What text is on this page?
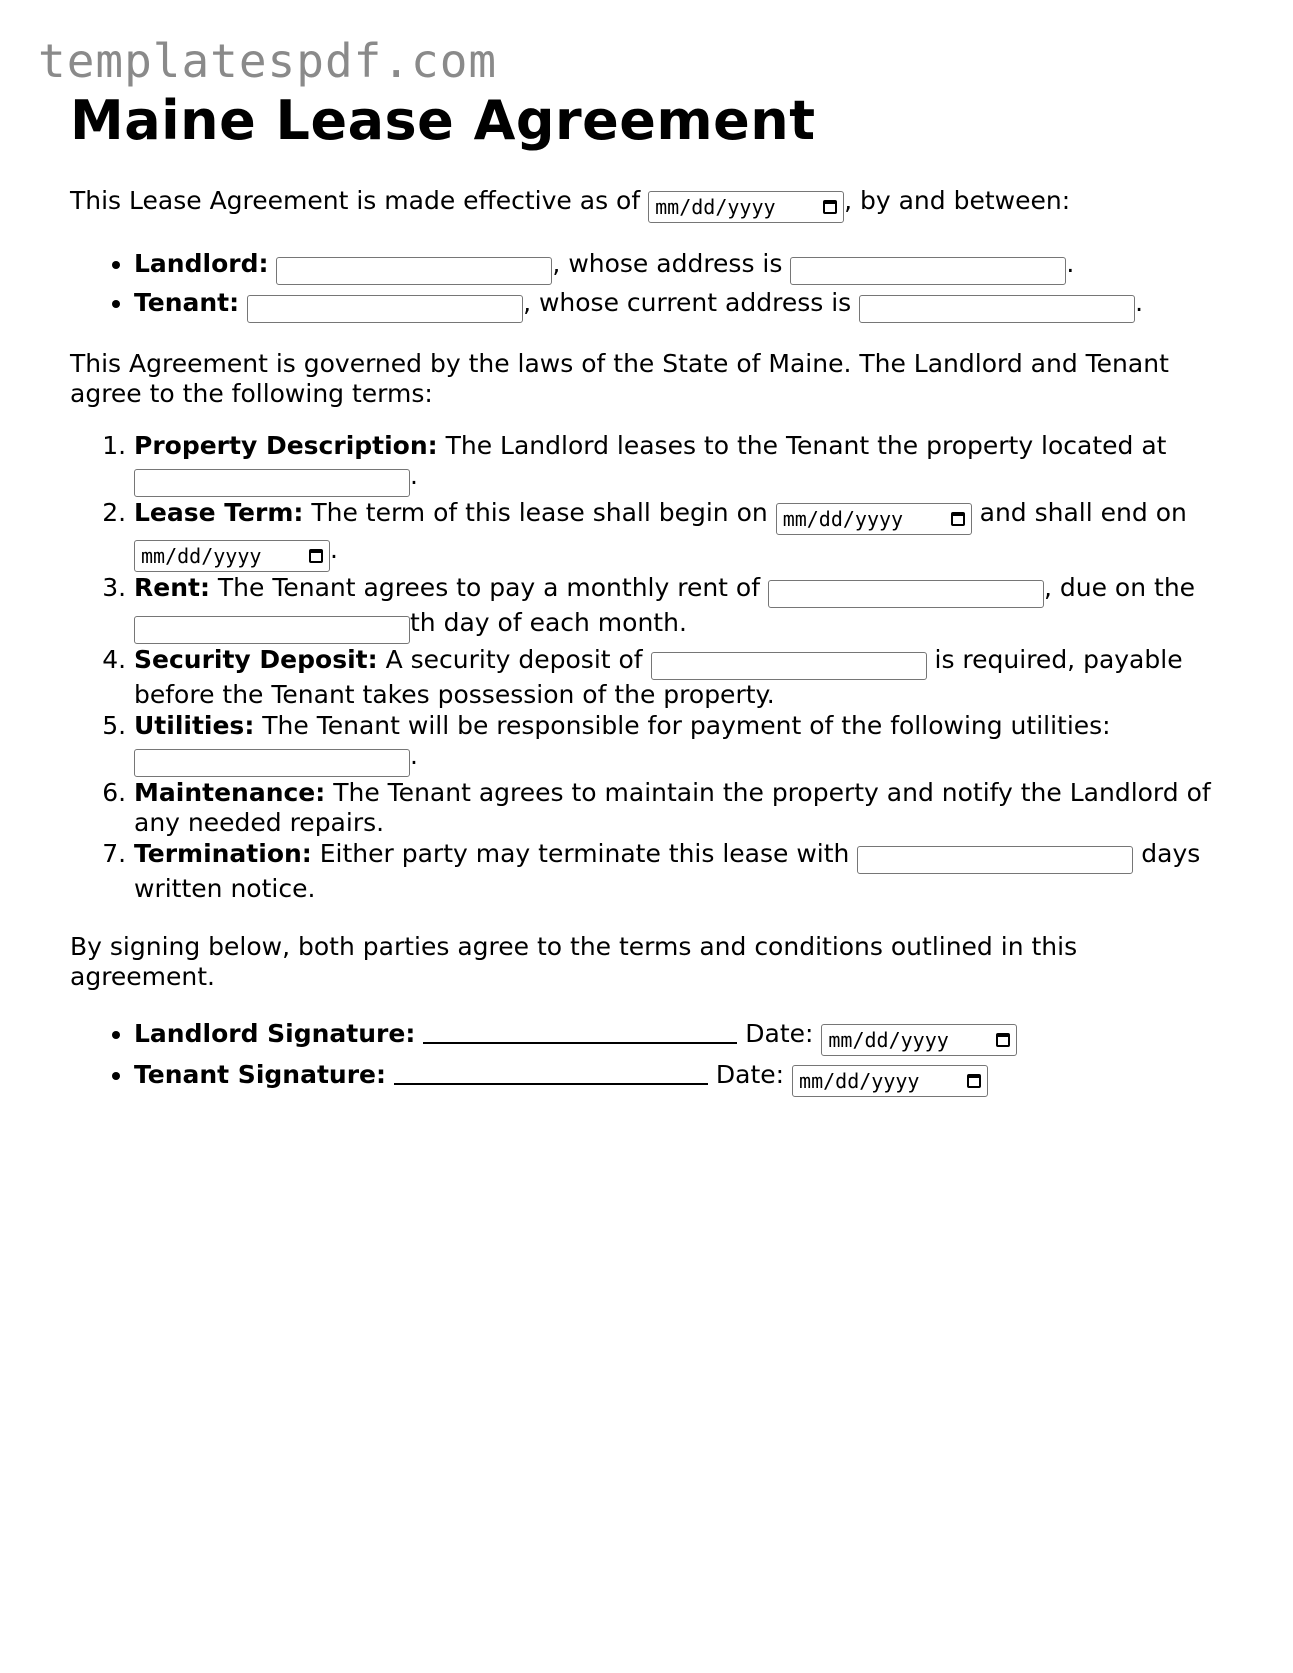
templatespdf.com
Maine Lease Agreement

This Lease Agreement is made effective as of mm/dd/yyyy	, by and between:

• Landlord:	, whose address is	.
• Tenant:	, whose current address is	.

This Agreement is governed by the laws of the State of Maine. The Landlord and Tenant agree to the following terms:

1. Property Description: The Landlord leases to the Tenant the property located at .
2. Lease Term: The term of this lease shall begin on mm/dd/yyyy	and shall end on
mm/dd/yyyy	.
3. Rent: The Tenant agrees to pay a monthly rent of	, due on the th day of each month.
4. Security Deposit: A security deposit of	is required, payable before the Tenant takes possession of the property.
5. Utilities: The Tenant will be responsible for payment of the following utilities: .
6. Maintenance: The Tenant agrees to maintain the property and notify the Landlord of any needed repairs.
7. Termination: Either party may terminate this lease with	days written notice.

By signing below, both parties agree to the terms and conditions outlined in this agreement.

• Landlord Signature:	Date: mm/dd/yyyy
• Tenant Signature:	Date: mm/dd/yyyy
